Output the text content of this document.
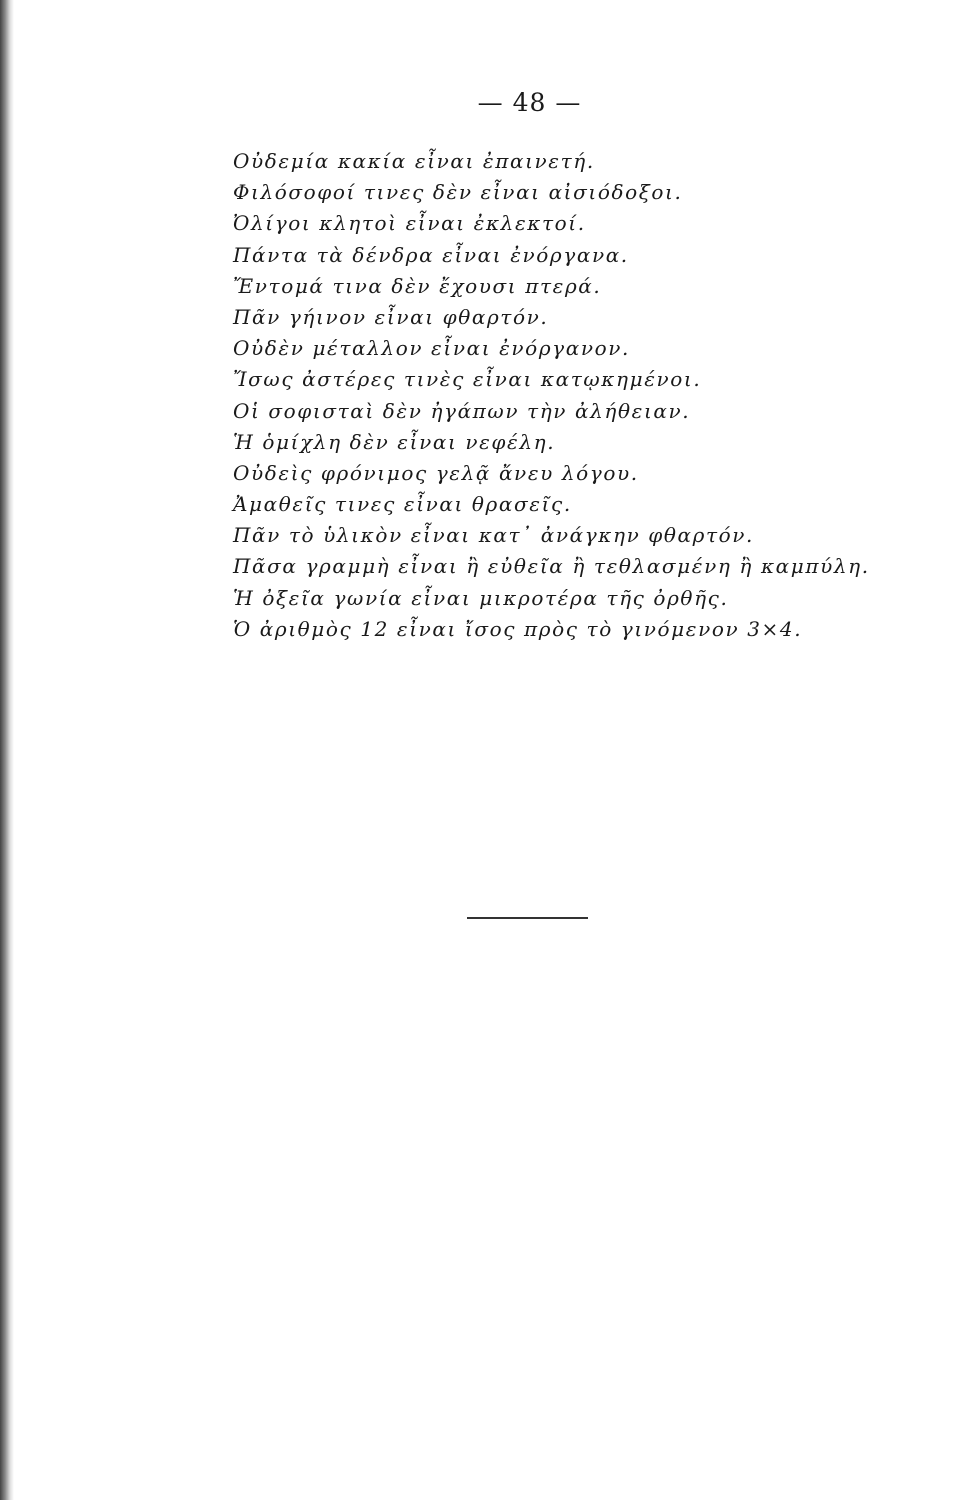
— 48 —
Οὐδεμία κακία εἶναι ἐπαινετή.
Φιλόσοφοί τινες δὲν εἶναι αἰσιόδοξοι.
Ὀλίγοι κλητοὶ εἶναι ἐκλεκτοί.
Πάντα τὰ δένδρα εἶναι ἐνόργανα.
Ἔντομά τινα δὲν ἔχουσι πτερά.
Πᾶν γήινον εἶναι φθαρτόν.
Οὐδὲν μέταλλον εἶναι ἐνόργανον.
Ἴσως ἀστέρες τινὲς εἶναι κατῳκημένοι.
Οἱ σοφισταὶ δὲν ἠγάπων τὴν ἀλήθειαν.
Ἡ ὁμίχλη δὲν εἶναι νεφέλη.
Οὐδεὶς φρόνιμος γελᾷ ἄνευ λόγου.
Ἀμαθεῖς τινες εἶναι θρασεῖς.
Πᾶν τὸ ὑλικὸν εἶναι κατ᾽ ἀνάγκην φθαρτόν.
Πᾶσα γραμμὴ εἶναι ἢ εὐθεῖα ἢ τεθλασμένη ἢ καμπύλη.
Ἡ ὀξεῖα γωνία εἶναι μικροτέρα τῆς ὀρθῆς.
Ὁ ἀριθμὸς 12 εἶναι ἴσος πρὸς τὸ γινόμενον 3×4.
